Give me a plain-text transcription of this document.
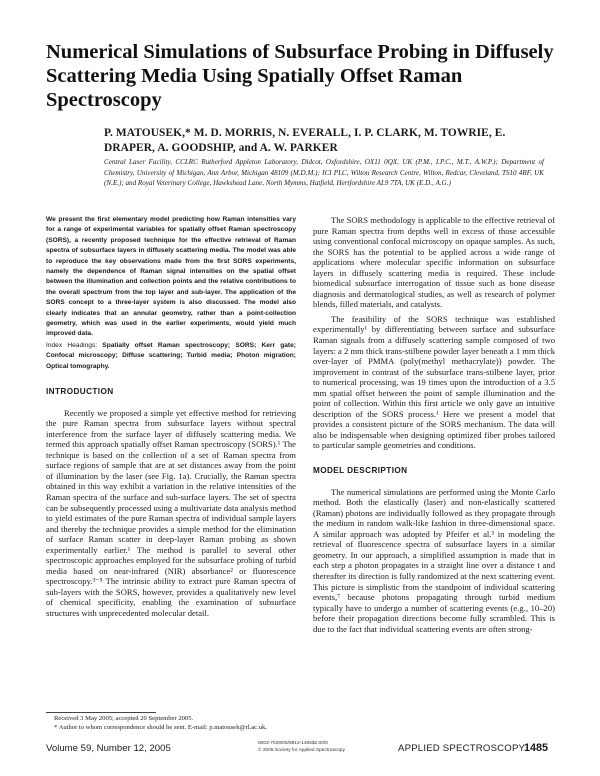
Numerical Simulations of Subsurface Probing in Diffusely Scattering Media Using Spatially Offset Raman Spectroscopy
P. MATOUSEK,* M. D. MORRIS, N. EVERALL, I. P. CLARK, M. TOWRIE, E. DRAPER, A. GOODSHIP, and A. W. PARKER
Central Laser Facility, CCLRC Rutherford Appleton Laboratory, Didcot, Oxfordshire, OX11 0QX, UK (P.M., I.P.C., M.T., A.W.P.); Department of Chemistry, University of Michigan, Ann Arbor, Michigan 48109 (M.D.M.); ICI PLC, Wilton Research Centre, Wilton, Redcar, Cleveland, TS10 4RF, UK (N.E.); and Royal Veterinary College, Hawkshead Lane, North Mymms, Hatfield, Hertfordshire AL9 7TA, UK (E.D., A.G.)

We present the first elementary model predicting how Raman intensities vary for a range of experimental variables for spatially offset Raman spectroscopy (SORS), a recently proposed technique for the effective retrieval of Raman spectra of subsurface layers in diffusely scattering media. The model was able to reproduce the key observations made from the first SORS experiments, namely the dependence of Raman signal intensities on the spatial offset between the illumination and collection points and the relative contributions to the overall spectrum from the top layer and sub-layer. The application of the SORS concept to a three-layer system is also discussed. The model also clearly indicates that an annular geometry, rather than a point-collection geometry, which was used in the earlier experiments, would yield much improved data.

Index Headings: Spatially offset Raman spectroscopy; SORS; Kerr gate; Confocal microscopy; Diffuse scattering; Turbid media; Photon migration; Optical tomography.

INTRODUCTION

Recently we proposed a simple yet effective method for retrieving the pure Raman spectra from subsurface layers without spectral interference from the surface layer of diffusely scattering media. We termed this approach spatially offset Raman spectroscopy (SORS).¹ The technique is based on the collection of a set of Raman spectra from surface regions of sample that are at set distances away from the point of illumination by the laser (see Fig. 1a). Crucially, the Raman spectra obtained in this way exhibit a variation in the relative intensities of the Raman spectra of the surface and sub-surface layers. The set of spectra can be subsequently processed using a multivariate data analysis method to yield estimates of the pure Raman spectra of individual sample layers and thereby the technique provides a simple method for the elimination of surface Raman scatter in deep-layer Raman probing as shown experimentally earlier.¹ The method is parallel to several other spectroscopic approaches employed for the subsurface probing of turbid media based on near-infrared (NIR) absorbance² or fluorescence spectroscopy.³⁻⁵ The intrinsic ability to extract pure Raman spectra of sub-layers with the SORS, however, provides a qualitatively new level of chemical specificity, enabling the examination of subsurface structures with unprecedented molecular detail.

The SORS methodology is applicable to the effective retrieval of pure Raman spectra from depths well in excess of those accessible using conventional confocal microscopy on opaque samples. As such, the SORS has the potential to be applied across a wide range of applications where molecular specific information on subsurface layers in diffusely scattering media is required. These include biomedical subsurface interrogation of tissue such as bone disease diagnosis and dermatological studies, as well as research of polymer blends, filled materials, and catalysts.

The feasibility of the SORS technique was established experimentally¹ by differentiating between surface and subsurface Raman signals from a diffusely scattering sample composed of two layers: a 2 mm thick trans-stilbene powder layer beneath a 1 mm thick over-layer of PMMA (poly(methyl methacrylate)) powder. The improvement in contrast of the subsurface trans-stilbene layer, prior to numerical processing, was 19 times upon the introduction of a 3.5 mm spatial offset between the point of sample illumination and the point of collection. Within this first article we only gave an intuitive description of the SORS process.¹ Here we present a model that provides a consistent picture of the SORS mechanism. The data will also be indispensable when designing optimized fiber probes tailored to particular sample geometries and conditions.

MODEL DESCRIPTION

The numerical simulations are performed using the Monte Carlo method. Both the elastically (laser) and non-elastically scattered (Raman) photons are individually followed as they propagate through the medium in random walk-like fashion in three-dimensional space. A similar approach was adopted by Pfeifer et al.³ in modeling the retrieval of fluorescence spectra of subsurface layers in a similar geometry. In our approach, a simplified assumption is made that in each step a photon propagates in a straight line over a distance t and thereafter its direction is fully randomized at the next scattering event. This picture is simplistic from the standpoint of individual scattering events,⁷ because photons propagating through turbid medium typically have to undergo a number of scattering events (e.g., 10–20) before their propagation directions become fully scrambled. This is due to the fact that individual scattering events are often strong-

Received 3 May 2005; accepted 20 September 2005.
* Author to whom correspondence should be sent. E-mail: p.matousek@rl.ac.uk.
Volume 59, Number 12, 2005	0003-7028/05/5912-1485$2.00/0
© 2005 Society for Applied Spectroscopy	APPLIED SPECTROSCOPY
1485
